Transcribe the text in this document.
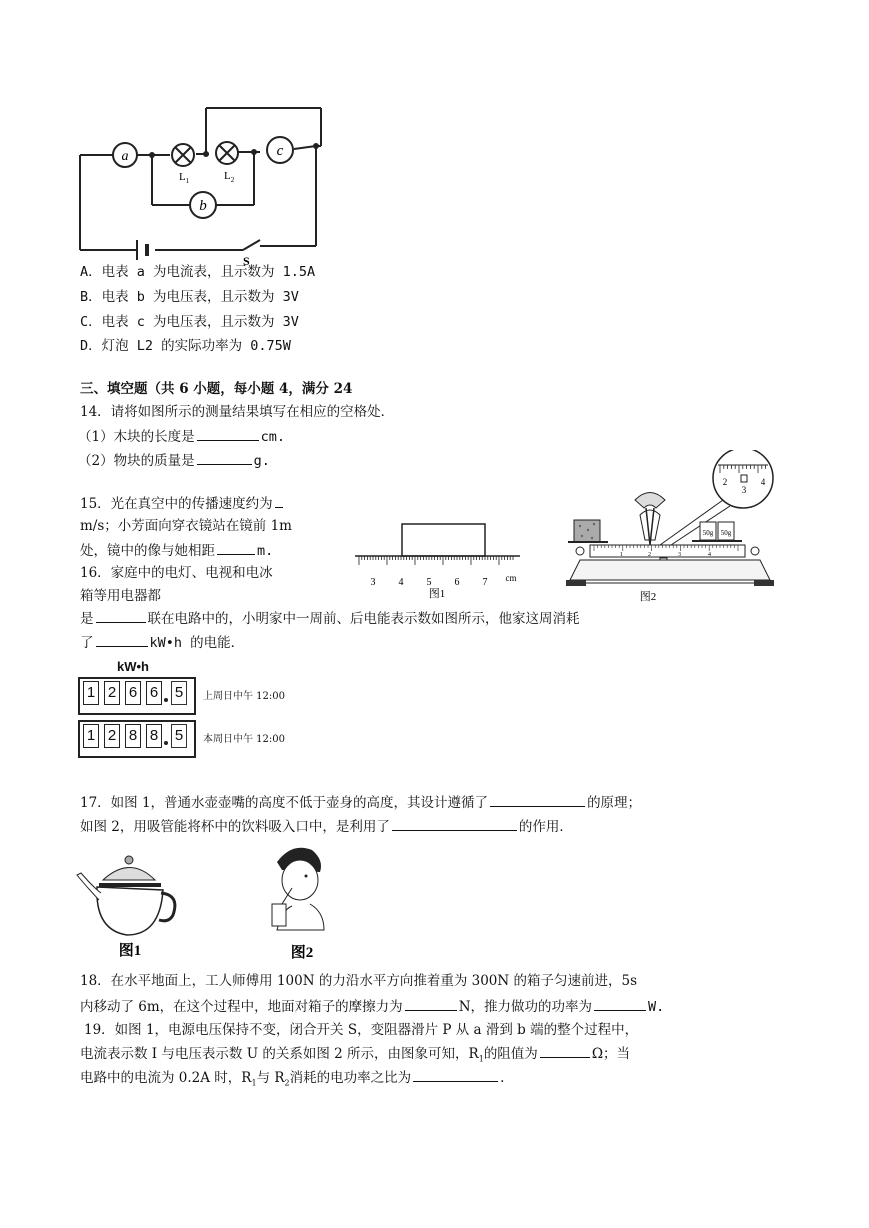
a
b
c
$L_1$	$L_2$
S
A．电表 a 为电流表，且示数为 1.5A
B．电表 b 为电压表，且示数为 3V
C．电表 c 为电压表，且示数为 3V
D．灯泡 L2 的实际功率为 0.75W
三、填空题（共 6 小题，每小题 4，满分 24
14．请将如图所示的测量结果填写在相应的空格处．
（1）木块的长度是	cm.
（2）物块的质量是	g.
15．光在真空中的传播速度约为
m/s；小芳面向穿衣镜站在镜前 1m
处，镜中的像与她相距	m.
16．家庭中的电灯、电视和电冰
箱等用电器都
是	联在电路中的，小明家中一周前、后电能表示数如图所示，他家这周消耗
了	kW•h 的电能．
3 4 5 6 7 cm
图1
2
3
4
50g 50g
1	2	3	4
图2
kW•h
1 2 6 6 5
1 2 8 8 5
上周日中午 12:00
本周日中午 12:00
17．如图 1，普通水壶壶嘴的高度不低于壶身的高度，其设计遵循了	的原理；
如图 2，用吸管能将杯中的饮料吸入口中，是利用了	的作用．
图1	图2
18．在水平地面上，工人师傅用 100N 的力沿水平方向推着重为 300N 的箱子匀速前进，5s
内移动了 6m，在这个过程中，地面对箱子的摩擦力为	N，推力做功的功率为	W.
19．如图 1，电源电压保持不变，闭合开关 S，变阻器滑片 P 从 a 滑到 b 端的整个过程中，
电流表示数 I 与电压表示数 U 的关系如图 2 所示，由图象可知，$R_1$的阻值为	Ω；当
电路中的电流为 0.2A 时，$R_1$与 $R_2$消耗的电功率之比为	.
